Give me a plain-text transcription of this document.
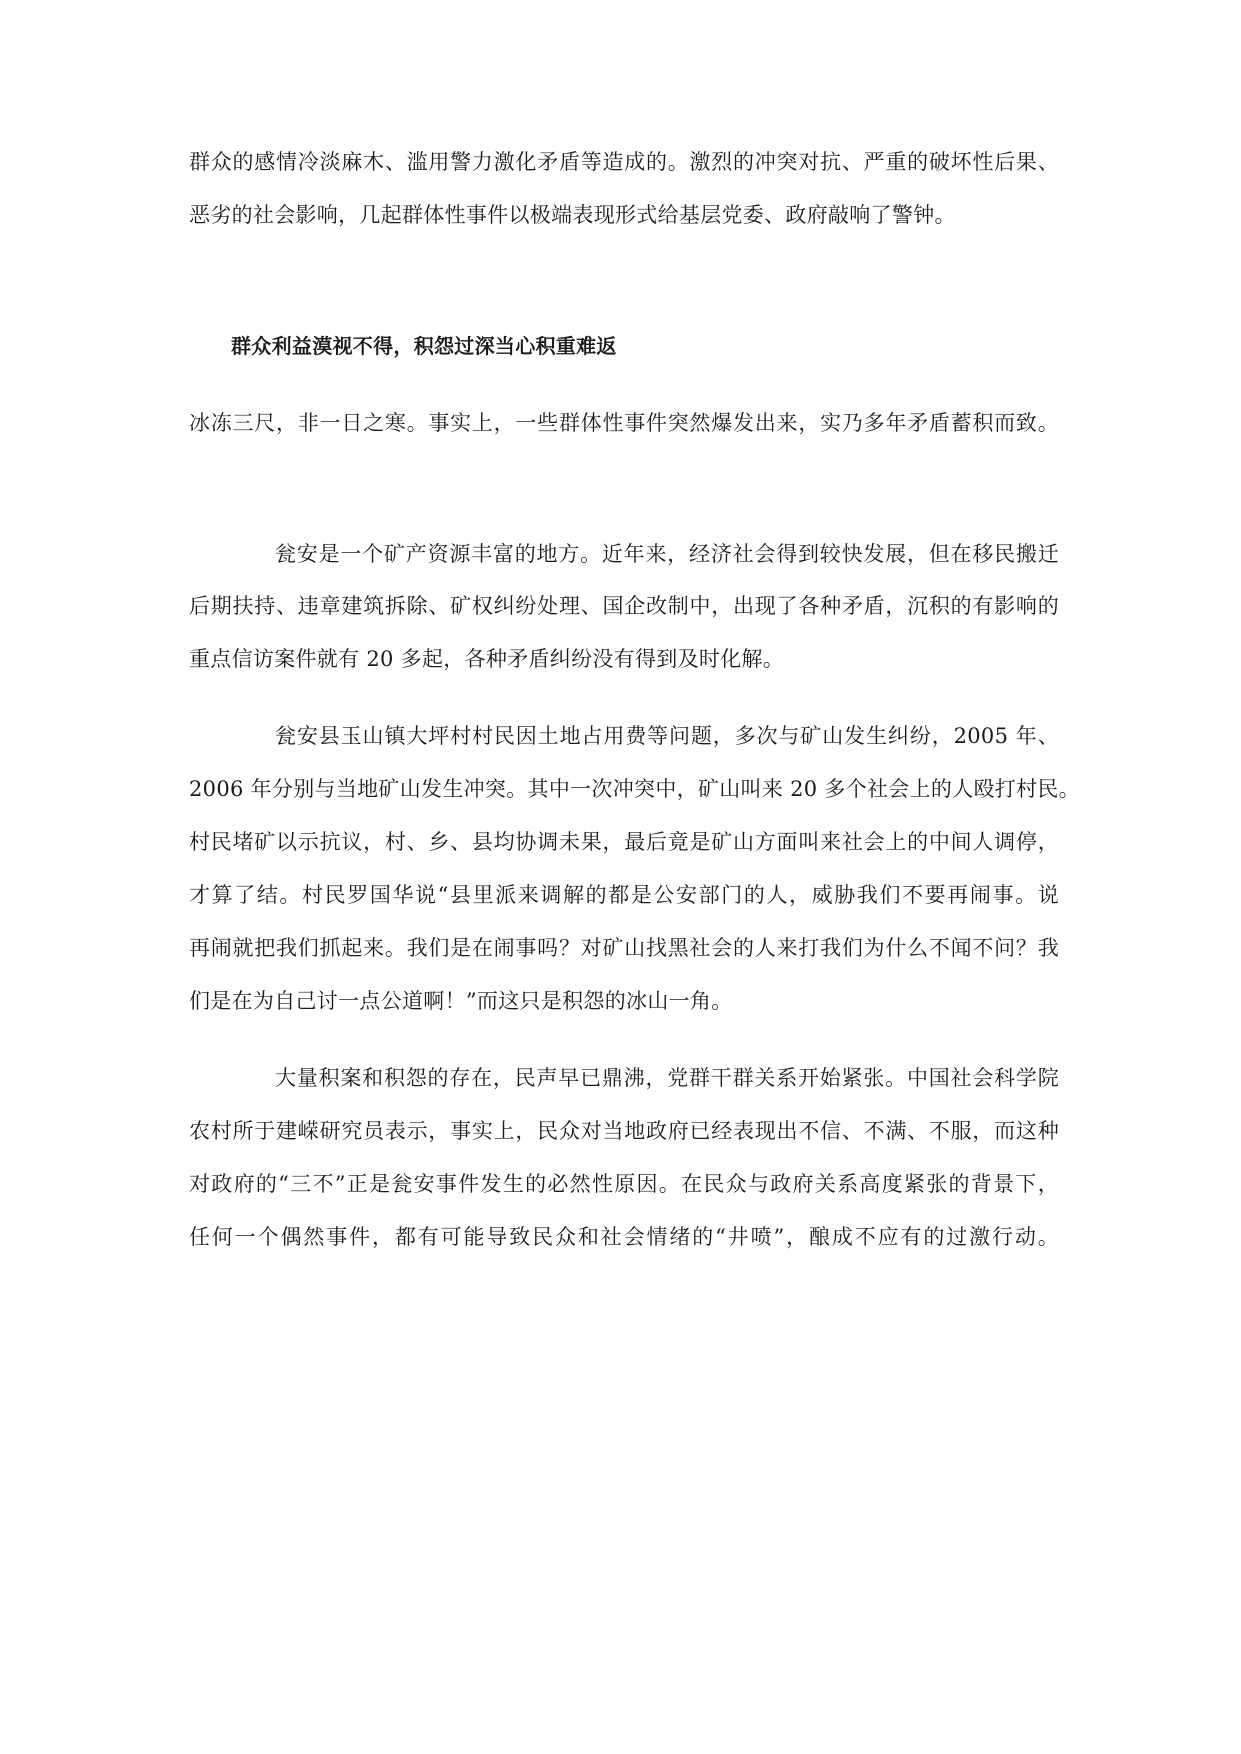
群众的感情冷淡麻木、滥用警力激化矛盾等造成的。激烈的冲突对抗、严重的破坏性后果、
恶劣的社会影响，几起群体性事件以极端表现形式给基层党委、政府敲响了警钟。
群众利益漠视不得，积怨过深当心积重难返
冰冻三尺，非一日之寒。事实上，一些群体性事件突然爆发出来，实乃多年矛盾蓄积而致。
瓮安是一个矿产资源丰富的地方。近年来，经济社会得到较快发展，但在移民搬迁
后期扶持、违章建筑拆除、矿权纠纷处理、国企改制中，出现了各种矛盾，沉积的有影响的
重点信访案件就有 20 多起，各种矛盾纠纷没有得到及时化解。
瓮安县玉山镇大坪村村民因土地占用费等问题，多次与矿山发生纠纷，2005 年、
2006 年分别与当地矿山发生冲突。其中一次冲突中，矿山叫来 20 多个社会上的人殴打村民。
村民堵矿以示抗议，村、乡、县均协调未果，最后竟是矿山方面叫来社会上的中间人调停，
才算了结。村民罗国华说“县里派来调解的都是公安部门的人，威胁我们不要再闹事。说
再闹就把我们抓起来。我们是在闹事吗？对矿山找黑社会的人来打我们为什么不闻不问？我
们是在为自己讨一点公道啊！”而这只是积怨的冰山一角。
大量积案和积怨的存在，民声早已鼎沸，党群干群关系开始紧张。中国社会科学院
农村所于建嵘研究员表示，事实上，民众对当地政府已经表现出不信、不满、不服，而这种
对政府的“三不”正是瓮安事件发生的必然性原因。在民众与政府关系高度紧张的背景下，
任何一个偶然事件，都有可能导致民众和社会情绪的“井喷”，酿成不应有的过激行动。
